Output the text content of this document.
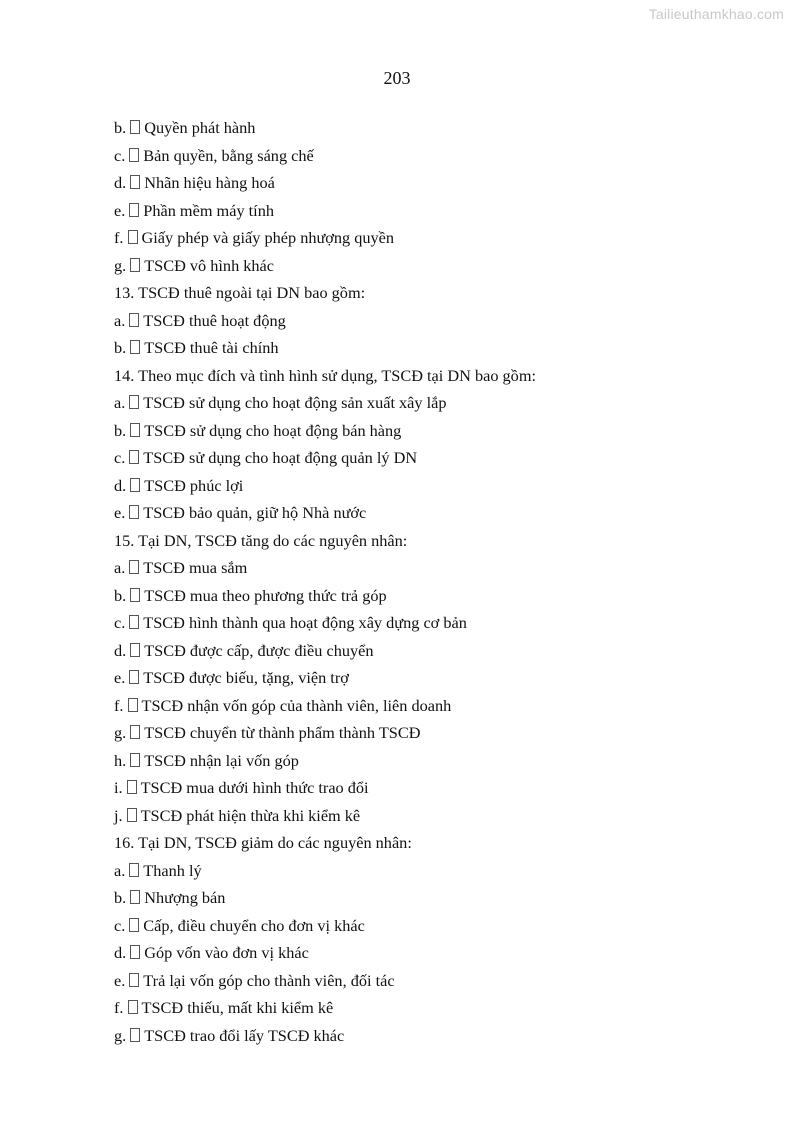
Tailieuthamkhao.com
203
b. Quyền phát hành
c. Bản quyền, bằng sáng chế
d. Nhãn hiệu hàng hoá
e. Phần mềm máy tính
f. Giấy phép và giấy phép nhượng quyền
g. TSCĐ vô hình khác
13. TSCĐ thuê ngoài tại DN bao gồm:
a. TSCĐ thuê hoạt động
b. TSCĐ thuê tài chính
14. Theo mục đích và tình hình sử dụng, TSCĐ tại DN bao gồm:
a. TSCĐ sử dụng cho hoạt động sản xuất xây lắp
b. TSCĐ sử dụng cho hoạt động bán hàng
c. TSCĐ sử dụng cho hoạt động quản lý DN
d. TSCĐ phúc lợi
e. TSCĐ bảo quản, giữ hộ Nhà nước
15. Tại DN, TSCĐ tăng do các nguyên nhân:
a. TSCĐ mua sắm
b. TSCĐ mua theo phương thức trả góp
c. TSCĐ hình thành qua hoạt động xây dựng cơ bản
d. TSCĐ được cấp, được điều chuyển
e. TSCĐ được biếu, tặng, viện trợ
f. TSCĐ nhận vốn góp của thành viên, liên doanh
g. TSCĐ chuyển từ thành phẩm thành TSCĐ
h. TSCĐ nhận lại vốn góp
i. TSCĐ mua dưới hình thức trao đổi
j. TSCĐ phát hiện thừa khi kiểm kê
16. Tại DN, TSCĐ giảm do các nguyên nhân:
a. Thanh lý
b. Nhượng bán
c. Cấp, điều chuyển cho đơn vị khác
d. Góp vốn vào đơn vị khác
e. Trả lại vốn góp cho thành viên, đối tác
f. TSCĐ thiếu, mất khi kiểm kê
g. TSCĐ trao đổi lấy TSCĐ khác
